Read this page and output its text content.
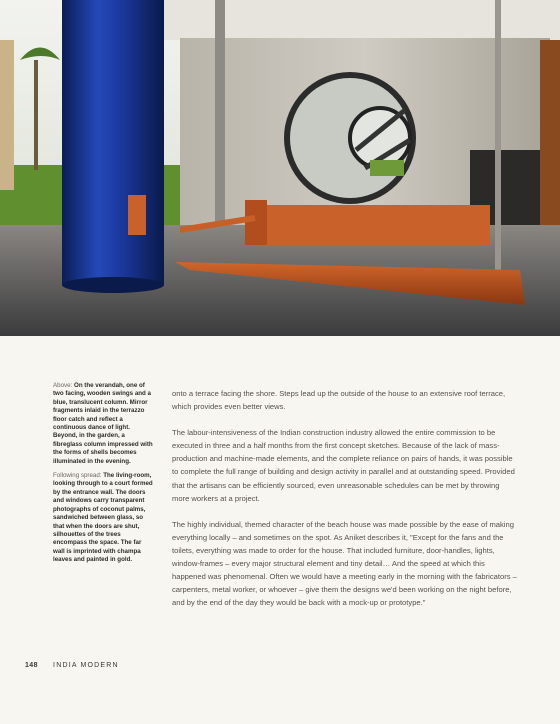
Above: On the verandah, one of two facing, wooden swings and a blue, translucent column. Mirror fragments inlaid in the terrazzo floor catch and reflect a continuous dance of light. Beyond, in the garden, a fibreglass column impressed with the forms of shells becomes illuminated in the evening.

Following spread: The living-room, looking through to a court formed by the entrance wall. The doors and windows carry transparent photographs of coconut palms, sandwiched between glass, so that when the doors are shut, silhouettes of the trees encompass the space. The far wall is imprinted with champa leaves and painted in gold.

onto a terrace facing the shore. Steps lead up the outside of the house to an extensive roof terrace, which provides even better views.

The labour-intensiveness of the Indian construction industry allowed the entire commission to be executed in three and a half months from the first concept sketches. Because of the lack of mass-production and machine-made elements, and the complete reliance on pairs of hands, it was possible to complete the full range of building and design activity in parallel and at outstanding speed. Provided that the artisans can be efficiently sourced, even unreasonable schedules can be met by throwing more workers at a project.

The highly individual, themed character of the beach house was made possible by the ease of making everything locally – and sometimes on the spot. As Aniket describes it, "Except for the fans and the toilets, everything was made to order for the house. That included furniture, door-handles, lights, window-frames – every major structural element and tiny detail… And the speed at which this happened was phenomenal. Often we would have a meeting early in the morning with the fabricators – carpenters, metal worker, or whoever – give them the designs we'd been working on the night before, and by the end of the day they would be back with a mock-up or prototype."

148 INDIA MODERN
